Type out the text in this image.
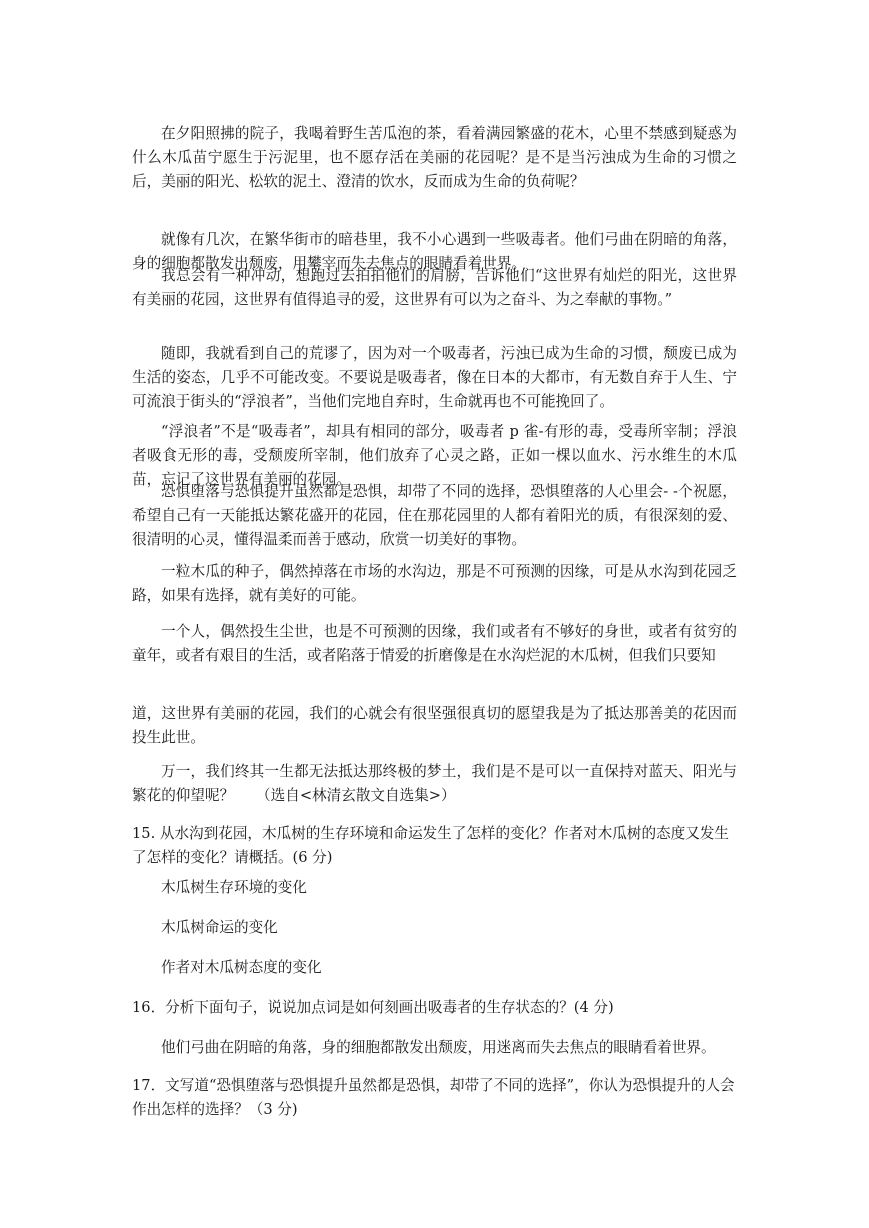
在夕阳照拂的院子，我喝着野生苦瓜泡的茶，看着满园繁盛的花木，心里不禁感到疑惑为什么木瓜苗宁愿生于污泥里，也不愿存活在美丽的花园呢？是不是当污浊成为生命的习惯之后，美丽的阳光、松软的泥土、澄清的饮水，反而成为生命的负荷呢？

就像有几次，在繁华街市的暗巷里，我不小心遇到一些吸毒者。他们弓曲在阴暗的角落，身的细胞都散发出颓废，用攀宰而失去焦点的眼睛看着世界。

我总会有一种冲动，想跑过去拍拍他们的肩膀，告诉他们“这世界有灿烂的阳光，这世界有美丽的花园，这世界有值得追寻的爱，这世界有可以为之奋斗、为之奉献的事物。”

随即，我就看到自己的荒谬了，因为对一个吸毒者，污浊已成为生命的习惯，颓废已成为生活的姿态，几乎不可能改变。不要说是吸毒者，像在日本的大都市，有无数自弃于人生、宁可流浪于街头的“浮浪者”，当他们完地自弃时，生命就再也不可能挽回了。

“浮浪者”不是“吸毒者”，却具有相同的部分，吸毒者 p 雀-有形的毒，受毒所宰制；浮浪者吸食无形的毒，受颓废所宰制，他们放弃了心灵之路，正如一棵以血水、污水维生的木瓜苗，忘记了这世界有美丽的花园。

恐惧堕落与恐惧提升虽然都是恐惧，却带了不同的选择，恐惧堕落的人心里会- -个祝愿，希望自己有一天能抵达繁花盛开的花园，住在那花园里的人都有着阳光的质，有很深刻的爱、很清明的心灵，懂得温柔而善于感动，欣赏一切美好的事物。

一粒木瓜的种子，偶然掉落在市场的水沟边，那是不可预测的因缘，可是从水沟到花园乏路，如果有选择，就有美好的可能。

一个人，偶然投生尘世，也是不可预测的因缘，我们或者有不够好的身世，或者有贫穷的童年，或者有艰目的生活，或者陷落于情爱的折磨像是在水沟烂泥的木瓜树，但我们只要知

道，这世界有美丽的花园，我们的心就会有很坚强很真切的愿望我是为了抵达那善美的花因而投生此世。

万一，我们终其一生都无法抵达那终极的梦土，我们是不是可以一直保持对蓝天、阳光与繁花的仰望呢？　　（选自<林清玄散文自选集>）

15. 从水沟到花园，木瓜树的生存环境和命运发生了怎样的变化？作者对木瓜树的态度又发生了怎样的变化？请概括。(6 分)

木瓜树生存环境的变化

木瓜树命运的变化

作者对木瓜树态度的变化

16．分析下面句子，说说加点词是如何刻画出吸毒者的生存状态的？(4 分)

他们弓曲在阴暗的角落，身的细胞都散发出颓废，用迷离而失去焦点的眼睛看着世界。

17．文写道“恐惧堕落与恐惧提升虽然都是恐惧，却带了不同的选择”，你认为恐惧提升的人会作出怎样的选择？（3 分)
